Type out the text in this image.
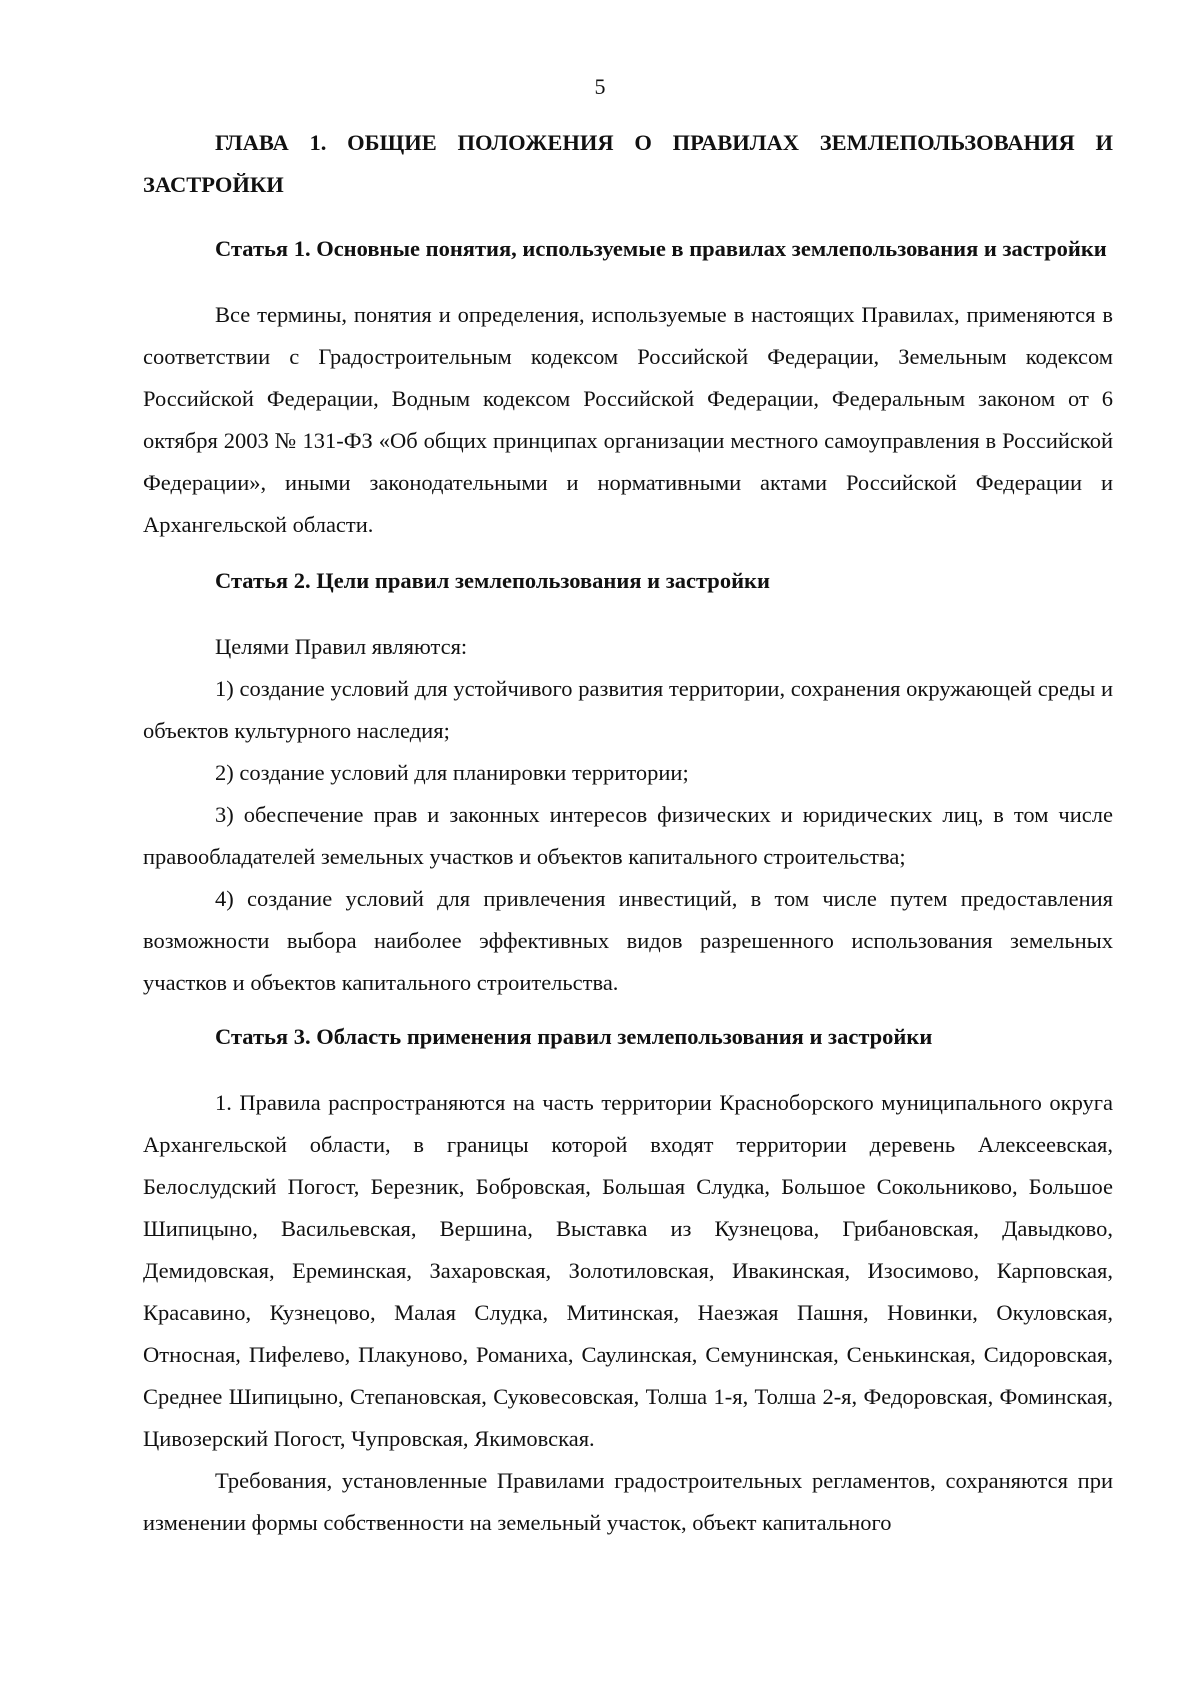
5

ГЛАВА 1. ОБЩИЕ ПОЛОЖЕНИЯ О ПРАВИЛАХ ЗЕМЛЕПОЛЬЗОВАНИЯ И ЗАСТРОЙКИ

Статья 1. Основные понятия, используемые в правилах землепользования и застройки

Все термины, понятия и определения, используемые в настоящих Правилах, применяются в соответствии с Градостроительным кодексом Российской Федерации, Земельным кодексом Российской Федерации, Водным кодексом Российской Федерации, Федеральным законом от 6 октября 2003 № 131-ФЗ «Об общих принципах организации местного самоуправления в Российской Федерации», иными законодательными и нормативными актами Российской Федерации и Архангельской области.

Статья 2. Цели правил землепользования и застройки

Целями Правил являются:

1) создание условий для устойчивого развития территории, сохранения окружающей среды и объектов культурного наследия;

2) создание условий для планировки территории;

3) обеспечение прав и законных интересов физических и юридических лиц, в том числе правообладателей земельных участков и объектов капитального строительства;

4) создание условий для привлечения инвестиций, в том числе путем предоставления возможности выбора наиболее эффективных видов разрешенного использования земельных участков и объектов капитального строительства.

Статья 3. Область применения правил землепользования и застройки

1. Правила распространяются на часть территории Красноборского муниципального округа Архангельской области, в границы которой входят территории деревень Алексеевская, Белослудский Погост, Березник, Бобровская, Большая Слудка, Большое Сокольниково, Большое Шипицыно, Васильевская, Вершина, Выставка из Кузнецова, Грибановская, Давыдково, Демидовская, Ереминская, Захаровская, Золотиловская, Ивакинская, Изосимово, Карповская, Красавино, Кузнецово, Малая Слудка, Митинская, Наезжая Пашня, Новинки, Окуловская, Относная, Пифелево, Плакуново, Романиха, Саулинская, Семунинская, Сенькинская, Сидоровская, Среднее Шипицыно, Степановская, Суковесовская, Толша 1-я, Толша 2-я, Федоровская, Фоминская, Цивозерский Погост, Чупровская, Якимовская.

Требования, установленные Правилами градостроительных регламентов, сохраняются при изменении формы собственности на земельный участок, объект капитального
